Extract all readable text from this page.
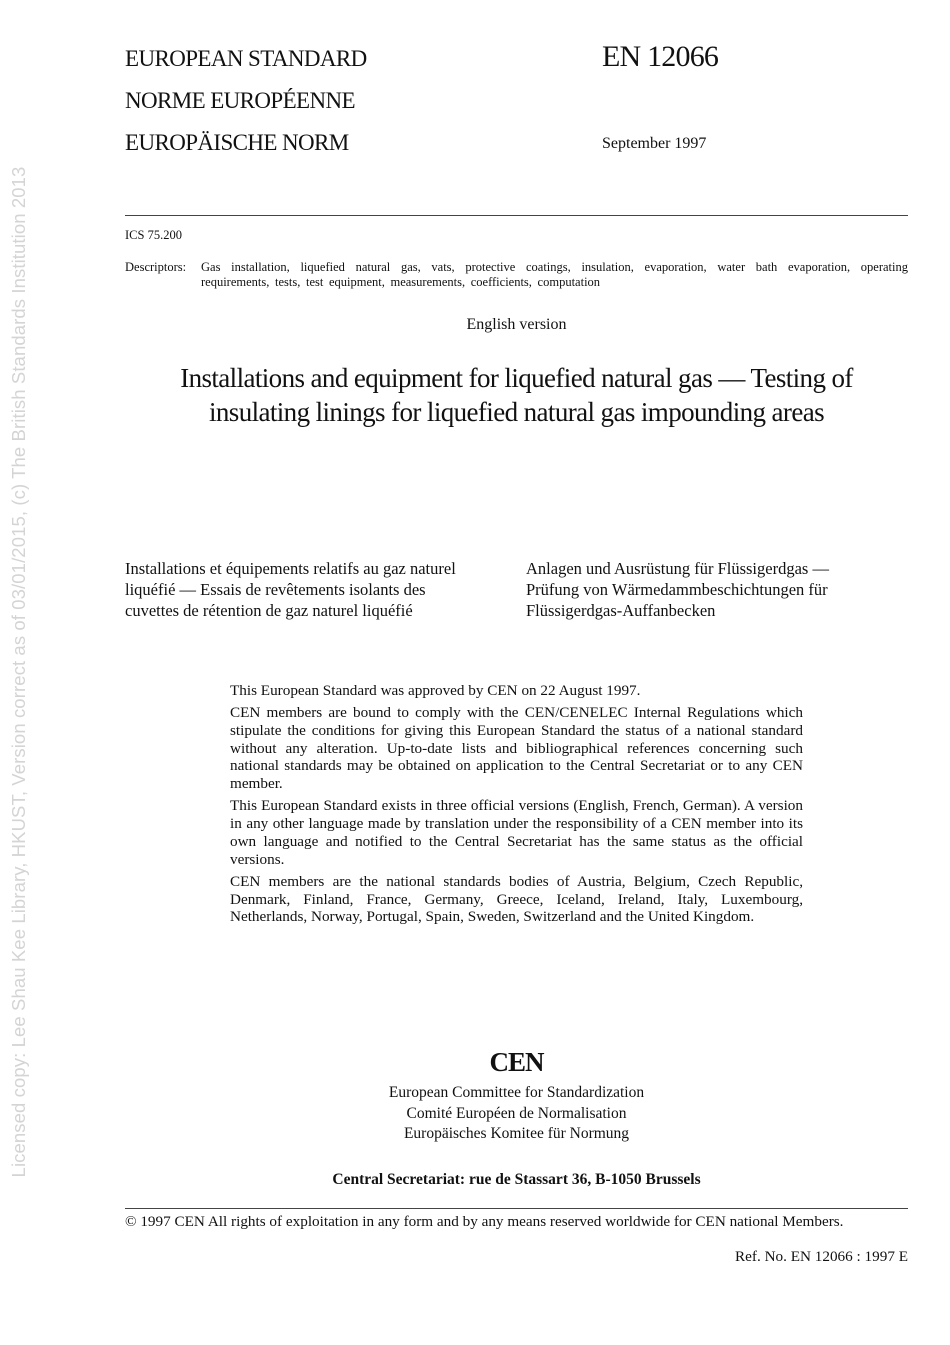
Licensed copy: Lee Shau Kee Library, HKUST, Version correct as of 03/01/2015, (c) The British Standards Institution 2013
EUROPEAN STANDARD
NORME EUROPÉENNE
EUROPÄISCHE NORM
EN 12066
September 1997
ICS 75.200
Descriptors: Gas installation, liquefied natural gas, vats, protective coatings, insulation, evaporation, water bath evaporation, operating requirements, tests, test equipment, measurements, coefficients, computation
English version
Installations and equipment for liquefied natural gas — Testing of insulating linings for liquefied natural gas impounding areas
Installations et équipements relatifs au gaz naturel
liquéfié — Essais de revêtements isolants des
cuvettes de rétention de gaz naturel liquéfié
Anlagen und Ausrüstung für Flüssigerdgas —
Prüfung von Wärmedammbeschichtungen für
Flüssigerdgas-Auffanbecken

This European Standard was approved by CEN on 22 August 1997.

CEN members are bound to comply with the CEN/CENELEC Internal Regulations which stipulate the conditions for giving this European Standard the status of a national standard without any alteration. Up-to-date lists and bibliographical references concerning such national standards may be obtained on application to the Central Secretariat or to any CEN member.

This European Standard exists in three official versions (English, French, German). A version in any other language made by translation under the responsibility of a CEN member into its own language and notified to the Central Secretariat has the same status as the official versions.

CEN members are the national standards bodies of Austria, Belgium, Czech Republic, Denmark, Finland, France, Germany, Greece, Iceland, Ireland, Italy, Luxembourg, Netherlands, Norway, Portugal, Spain, Sweden, Switzerland and the United Kingdom.

CEN
European Committee for Standardization
Comité Européen de Normalisation
Europäisches Komitee für Normung
Central Secretariat: rue de Stassart 36, B-1050 Brussels
© 1997 CEN All rights of exploitation in any form and by any means reserved worldwide for CEN national Members.
Ref. No. EN 12066 : 1997 E
